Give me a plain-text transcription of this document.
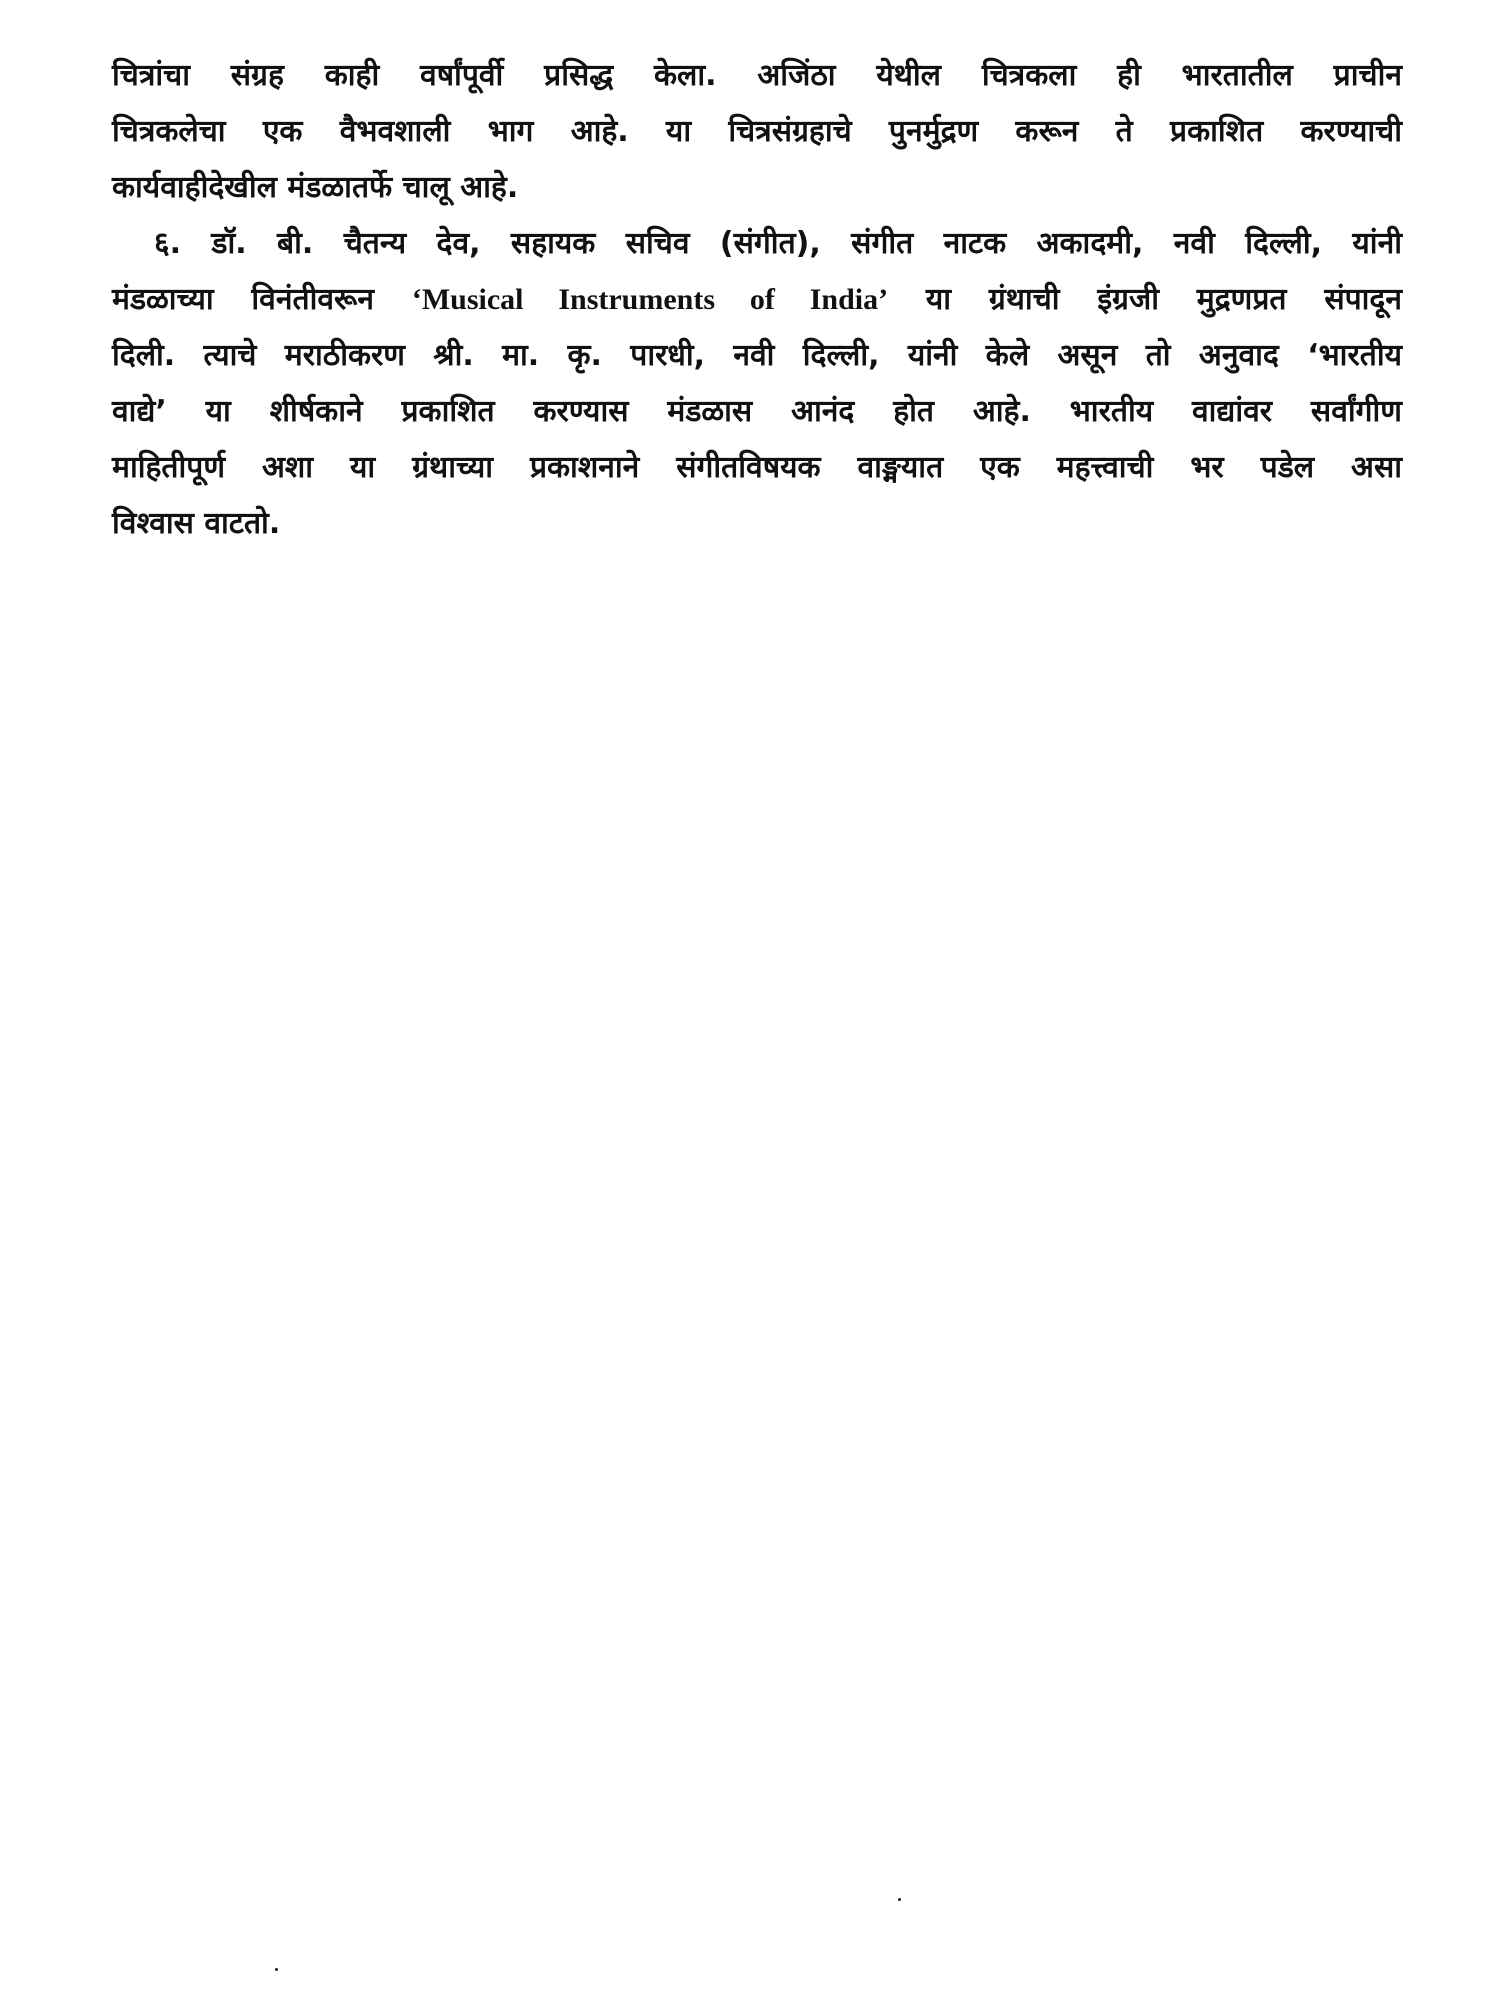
चित्रांचा संग्रह काही वर्षांपूर्वी प्रसिद्ध केला. अजिंठा येथील चित्रकला ही भारतातील प्राचीन
चित्रकलेचा एक वैभवशाली भाग आहे. या चित्रसंग्रहाचे पुनर्मुद्रण करून ते प्रकाशित करण्याची
कार्यवाहीदेखील मंडळातर्फे चालू आहे.
६. डॉ. बी. चैतन्य देव, सहायक सचिव (संगीत), संगीत नाटक अकादमी, नवी दिल्ली, यांनी
मंडळाच्या विनंतीवरून ‘Musical Instruments of India’ या ग्रंथाची इंग्रजी मुद्रणप्रत संपादून
दिली. त्याचे मराठीकरण श्री. मा. कृ. पारधी, नवी दिल्ली, यांनी केले असून तो अनुवाद ‘भारतीय
वाद्ये’ या शीर्षकाने प्रकाशित करण्यास मंडळास आनंद होत आहे. भारतीय वाद्यांवर सर्वांगीण
माहितीपूर्ण अशा या ग्रंथाच्या प्रकाशनाने संगीतविषयक वाङ्मयात एक महत्त्वाची भर पडेल असा
विश्वास वाटतो.
